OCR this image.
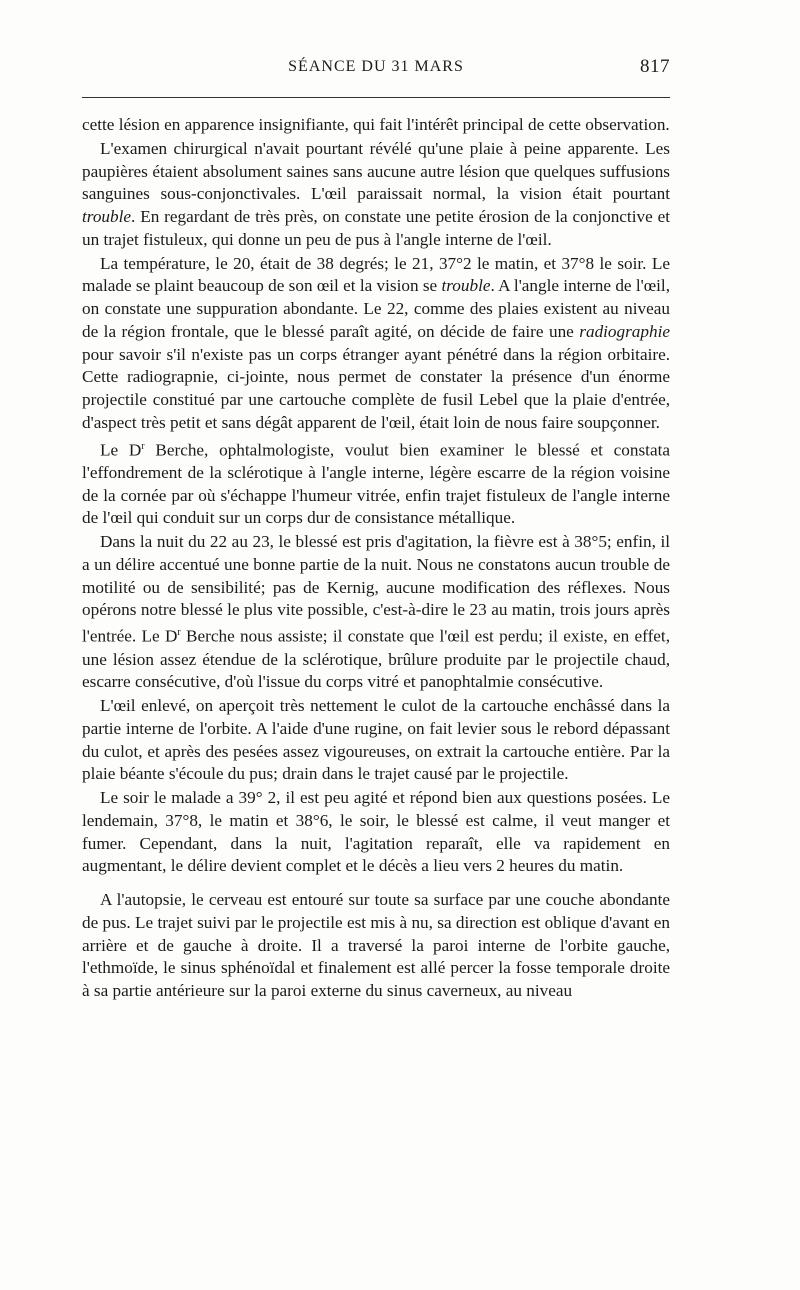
SÉANCE DU 31 MARS	817

cette lésion en apparence insignifiante, qui fait l'intérêt principal de cette observation.

L'examen chirurgical n'avait pourtant révélé qu'une plaie à peine apparente. Les paupières étaient absolument saines sans aucune autre lésion que quelques suffusions sanguines sous-conjonctivales. L'œil paraissait normal, la vision était pourtant trouble. En regardant de très près, on constate une petite érosion de la conjonctive et un trajet fistuleux, qui donne un peu de pus à l'angle interne de l'œil.

La température, le 20, était de 38 degrés; le 21, 37°2 le matin, et 37°8 le soir. Le malade se plaint beaucoup de son œil et la vision se trouble. A l'angle interne de l'œil, on constate une suppuration abondante. Le 22, comme des plaies existent au niveau de la région frontale, que le blessé paraît agité, on décide de faire une radiographie pour savoir s'il n'existe pas un corps étranger ayant pénétré dans la région orbitaire. Cette radiograpnie, ci-jointe, nous permet de constater la présence d'un énorme projectile constitué par une cartouche complète de fusil Lebel que la plaie d'entrée, d'aspect très petit et sans dégât apparent de l'œil, était loin de nous faire soupçonner.

Le $D^r$ Berche, ophtalmologiste, voulut bien examiner le blessé et constata l'effondrement de la sclérotique à l'angle interne, légère escarre de la région voisine de la cornée par où s'échappe l'humeur vitrée, enfin trajet fistuleux de l'angle interne de l'œil qui conduit sur un corps dur de consistance métallique.

Dans la nuit du 22 au 23, le blessé est pris d'agitation, la fièvre est à 38°5; enfin, il a un délire accentué une bonne partie de la nuit. Nous ne constatons aucun trouble de motilité ou de sensibilité; pas de Kernig, aucune modification des réflexes. Nous opérons notre blessé le plus vite possible, c'est-à-dire le 23 au matin, trois jours après l'entrée. Le $D^r$ Berche nous assiste; il constate que l'œil est perdu; il existe, en effet, une lésion assez étendue de la sclérotique, brûlure produite par le projectile chaud, escarre consécutive, d'où l'issue du corps vitré et panophtalmie consécutive.

L'œil enlevé, on aperçoit très nettement le culot de la cartouche enchâssé dans la partie interne de l'orbite. A l'aide d'une rugine, on fait levier sous le rebord dépassant du culot, et après des pesées assez vigoureuses, on extrait la cartouche entière. Par la plaie béante s'écoule du pus; drain dans le trajet causé par le projectile.

Le soir le malade a 39° 2, il est peu agité et répond bien aux questions posées. Le lendemain, 37°8, le matin et 38°6, le soir, le blessé est calme, il veut manger et fumer. Cependant, dans la nuit, l'agitation reparaît, elle va rapidement en augmentant, le délire devient complet et le décès a lieu vers 2 heures du matin.

A l'autopsie, le cerveau est entouré sur toute sa surface par une couche abondante de pus. Le trajet suivi par le projectile est mis à nu, sa direction est oblique d'avant en arrière et de gauche à droite. Il a traversé la paroi interne de l'orbite gauche, l'ethmoïde, le sinus sphénoïdal et finalement est allé percer la fosse temporale droite à sa partie antérieure sur la paroi externe du sinus caverneux, au niveau
